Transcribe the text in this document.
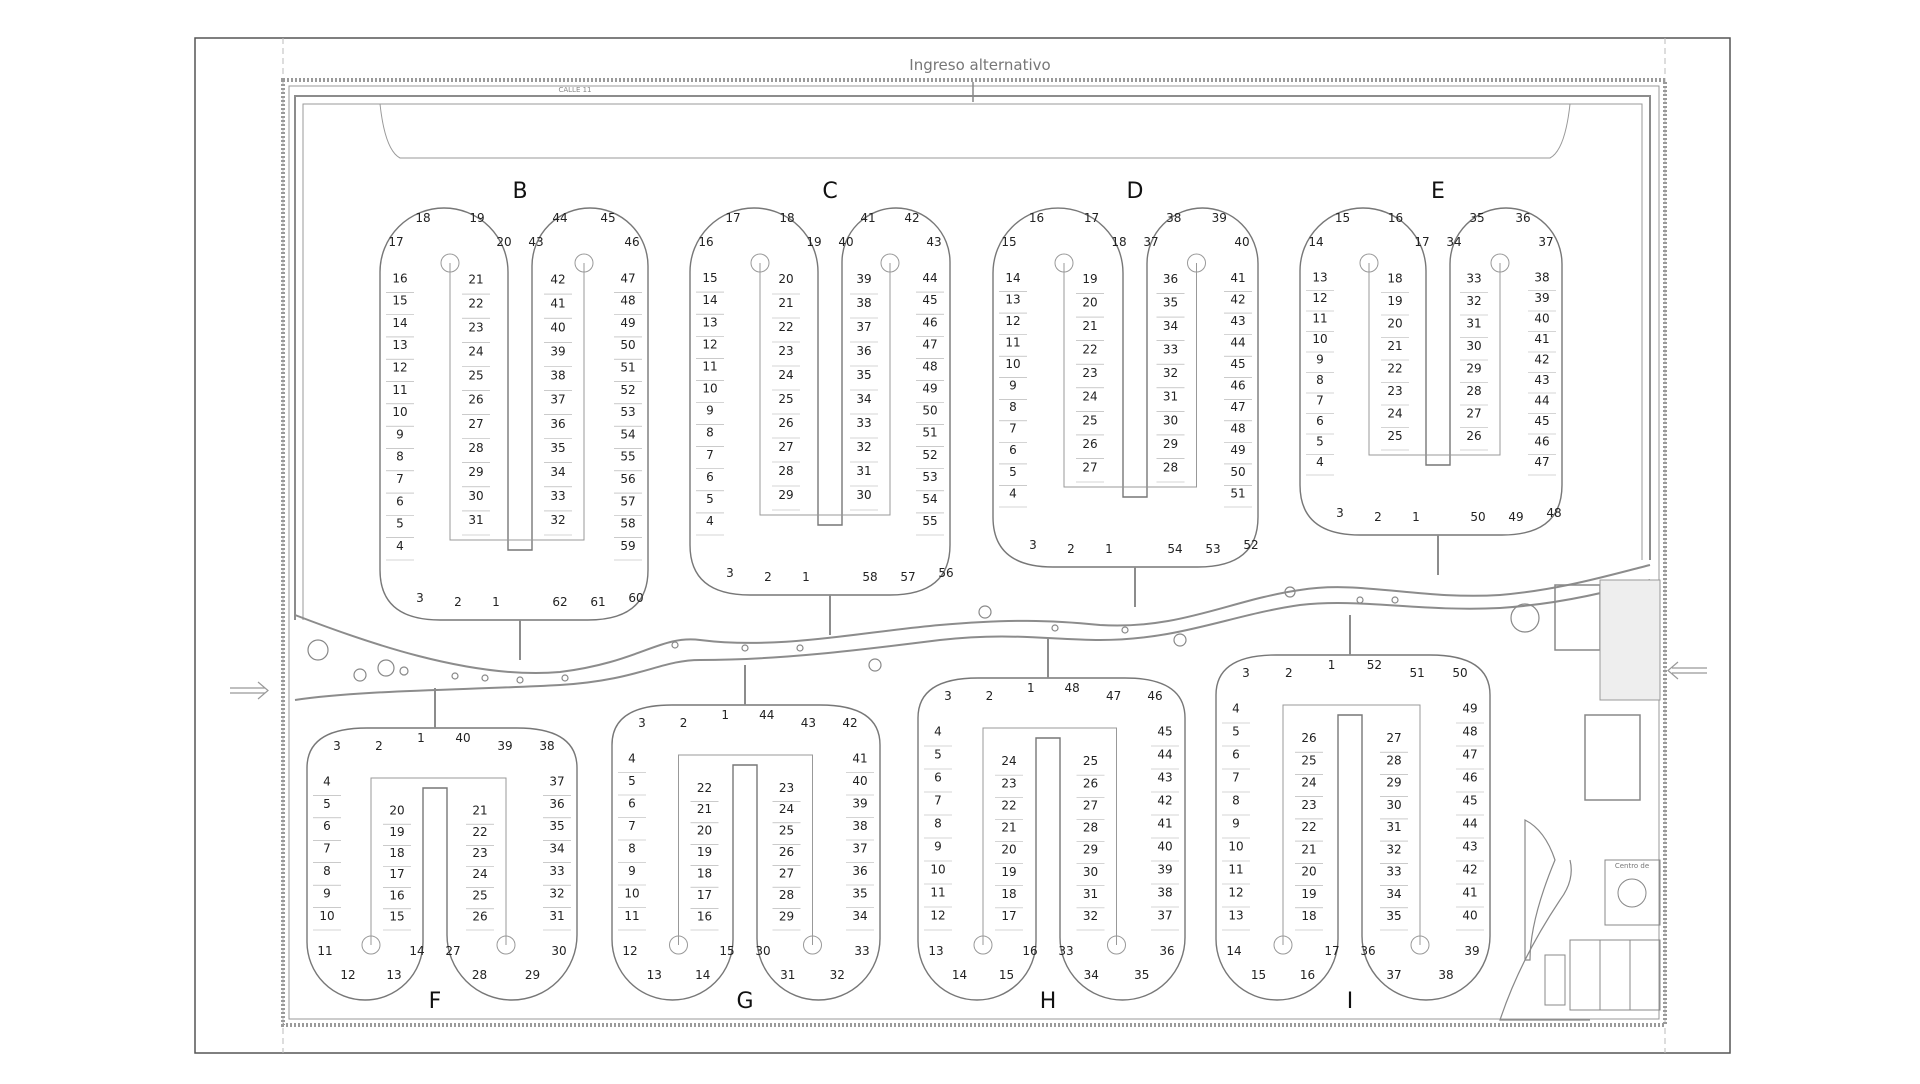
Ingreso alternativo
CALLE 11
Centro de
B
17
18	19
20 43
44	45
46
16
15
14
13
12
11
10
9
8
7
6
5
4
21
22
23
24
25
26
27
28
29
30
31
42
41
40
39
38
37
36
35
34
33
32
47
48
49
50
51
52
53
54
55
56
57
58
59
3	2	1	62 61 60
C
16
17	18
19 40
41 42
43
15
14
13
12
11
10
9
8
7
6
5
4
20
21
22
23
24
25
26
27
28
29
39
38
37
36
35
34
33
32
31
30
44
45
46
47
48
49
50
51
52
53
54
55
3	2	1	58 57 56
D
15
16	17
18 37
38	39
40
14
13
12
11
10
9
8
7
6
5
4
19
20
21
22
23
24
25
26
27
36
35
34
33
32
31
30
29
28
41
42
43
44
45
46
47
48
49
50
51
3	2	1	54 53 52
E
14
15	16
17 34
35	36
37
13
12
11
10
9
8
7
6
5
4
18
19
20
21
22
23
24
25
33
32
31
30
29
28
27
26
38
39
40
41
42
43
44
45
46
47
3	2	1	50 49 48
F
3	2
1	40
39 38
4
5
6
7
8
9
10
20
19
18
17
16
15
21
22
23
24
25
26
37
36
35
34
33
32
31
11
12	13
14 27
28	29
30
G
3	2
1	44
43 42
4
5
6
7
8
9
10
11
22
21
20
19
18
17
16
23
24
25
26
27
28
29
41
40
39
38
37
36
35
34
12
13	14
15 30
31	32
33
H
3	2
1 48
47 46
4
5
6
7
8
9
10
11
12
24
23
22
21
20
19
18
17
25
26
27
28
29
30
31
32
45
44
43
42
41
40
39
38
37
13
14	15
16 33
34	35
36
I
3	2
1	52
51 50
4
5
6
7
8
9
10
11
12
13
26
25
24
23
22
21
20
19
18
27
28
29
30
31
32
33
34
35
49
48
47
46
45
44
43
42
41
40
14
15	16
17 36
37	38
39
